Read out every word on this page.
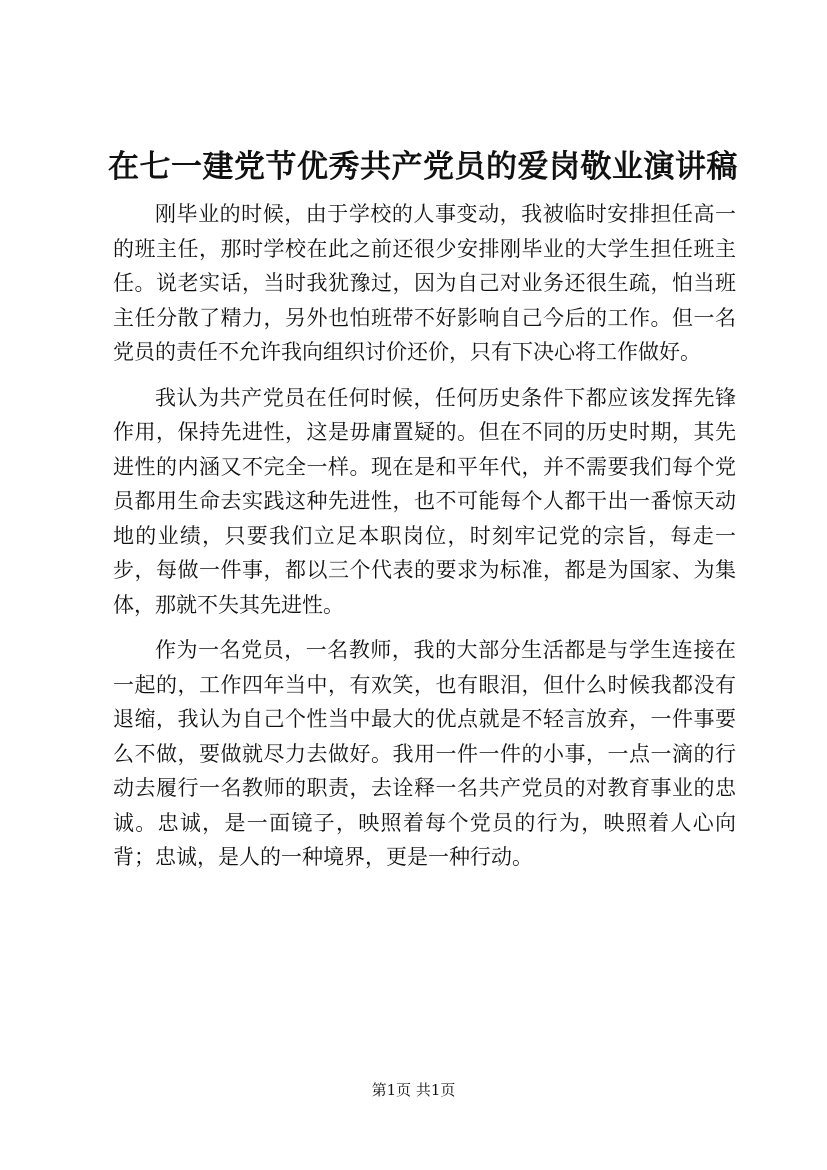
在七一建党节优秀共产党员的爱岗敬业演讲稿

刚毕业的时候，由于学校的人事变动，我被临时安排担任高一的班主任，那时学校在此之前还很少安排刚毕业的大学生担任班主任。说老实话，当时我犹豫过，因为自己对业务还很生疏，怕当班主任分散了精力，另外也怕班带不好影响自己今后的工作。但一名党员的责任不允许我向组织讨价还价，只有下决心将工作做好。

我认为共产党员在任何时候，任何历史条件下都应该发挥先锋作用，保持先进性，这是毋庸置疑的。但在不同的历史时期，其先进性的内涵又不完全一样。现在是和平年代，并不需要我们每个党员都用生命去实践这种先进性，也不可能每个人都干出一番惊天动地的业绩，只要我们立足本职岗位，时刻牢记党的宗旨，每走一步，每做一件事，都以三个代表的要求为标准，都是为国家、为集体，那就不失其先进性。

作为一名党员，一名教师，我的大部分生活都是与学生连接在一起的，工作四年当中，有欢笑，也有眼泪，但什么时候我都没有退缩，我认为自己个性当中最大的优点就是不轻言放弃，一件事要么不做，要做就尽力去做好。我用一件一件的小事，一点一滴的行动去履行一名教师的职责，去诠释一名共产党员的对教育事业的忠诚。忠诚，是一面镜子，映照着每个党员的行为，映照着人心向背；忠诚，是人的一种境界，更是一种行动。

第1页 共1页
